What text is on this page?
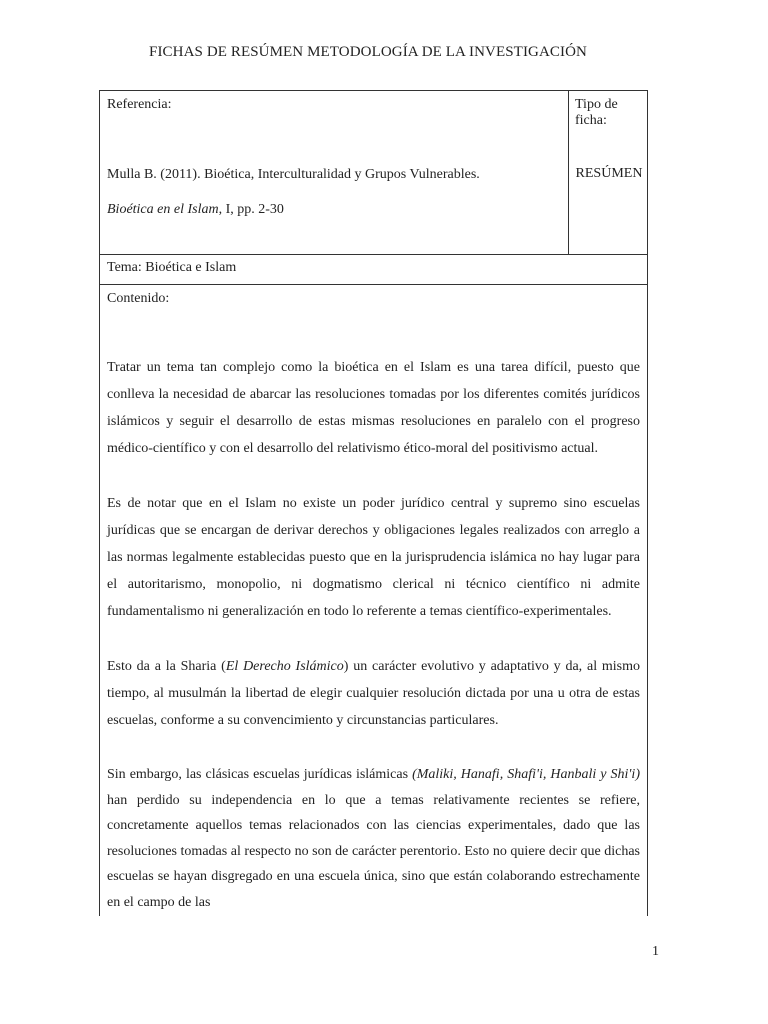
FICHAS DE RESÚMEN METODOLOGÍA DE LA INVESTIGACIÓN
Referencia:
Mulla B. (2011). Bioética, Interculturalidad y Grupos Vulnerables.
Bioética en el Islam, I, pp. 2-30
Tipo de ficha:
RESÚMEN
Tema: Bioética e Islam

Contenido:

Tratar un tema tan complejo como la bioética en el Islam es una tarea difícil, puesto que conlleva la necesidad de abarcar las resoluciones tomadas por los diferentes comités jurídicos islámicos y seguir el desarrollo de estas mismas resoluciones en paralelo con el progreso médico-científico y con el desarrollo del relativismo ético-moral del positivismo actual.

Es de notar que en el Islam no existe un poder jurídico central y supremo sino escuelas jurídicas que se encargan de derivar derechos y obligaciones legales realizados con arreglo a las normas legalmente establecidas puesto que en la jurisprudencia islámica no hay lugar para el autoritarismo, monopolio, ni dogmatismo clerical ni técnico científico ni admite fundamentalismo ni generalización en todo lo referente a temas científico-experimentales.

Esto da a la Sharia (El Derecho Islámico) un carácter evolutivo y adaptativo y da, al mismo tiempo, al musulmán la libertad de elegir cualquier resolución dictada por una u otra de estas escuelas, conforme a su convencimiento y circunstancias particulares.

Sin embargo, las clásicas escuelas jurídicas islámicas (Maliki, Hanafi, Shafi'i, Hanbali y Shi'i) han perdido su independencia en lo que a temas relativamente recientes se refiere, concretamente aquellos temas relacionados con las ciencias experimentales, dado que las resoluciones tomadas al respecto no son de carácter perentorio. Esto no quiere decir que dichas escuelas se hayan disgregado en una escuela única, sino que están colaborando estrechamente en el campo de las

1
